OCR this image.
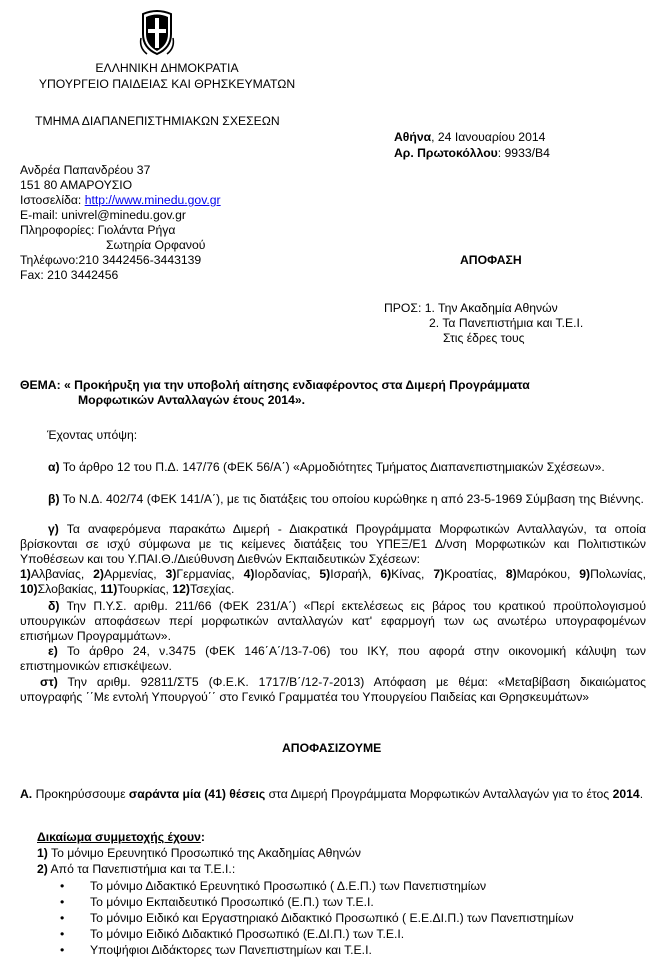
ΕΛΛΗΝΙΚΗ ΔΗΜΟΚΡΑΤΙΑ
ΥΠΟΥΡΓΕΙΟ ΠΑΙΔΕΙΑΣ ΚΑΙ ΘΡΗΣΚΕΥΜΑΤΩΝ
ΤΜΗΜΑ ΔΙΑΠΑΝΕΠΙΣΤΗΜΙΑΚΩΝ ΣΧΕΣΕΩΝ
Αθήνα, 24 Ιανουαρίου 2014
Αρ. Πρωτοκόλλου: 9933/Β4
Ανδρέα Παπανδρέου 37
151 80 ΑΜΑΡΟΥΣΙΟ
Ιστοσελίδα: http://www.minedu.gov.gr
E-mail: univrel@minedu.gov.gr
Πληροφορίες: Γιολάντα Ρήγα
Σωτηρία Ορφανού
Τηλέφωνο:210 3442456-3443139
Fax: 210 3442456
ΑΠΟΦΑΣΗ
ΠΡΟΣ: 1. Την Ακαδημία Αθηνών
2. Τα Πανεπιστήμια και Τ.Ε.Ι.
Στις έδρες τους
ΘΕΜΑ: « Προκήρυξη για την υποβολή αίτησης ενδιαφέροντος στα Διμερή Προγράμματα
Μορφωτικών Ανταλλαγών έτους 2014».
Έχοντας υπόψη:
α) Το άρθρο 12 του Π.Δ. 147/76 (ΦΕΚ 56/Α΄) «Αρμοδιότητες Τμήματος Διαπανεπιστημιακών Σχέσεων».
β) Το Ν.Δ. 402/74 (ΦΕΚ 141/Α΄), με τις διατάξεις του οποίου κυρώθηκε η από 23-5-1969 Σύμβαση της Βιέννης.
γ) Τα αναφερόμενα παρακάτω Διμερή - Διακρατικά Προγράμματα Μορφωτικών Ανταλλαγών, τα οποία βρίσκονται σε ισχύ σύμφωνα με τις κείμενες διατάξεις του ΥΠΕΞ/Ε1 Δ/νση Μορφωτικών και Πολιτιστικών Υποθέσεων και του Υ.ΠΑΙ.Θ./Διεύθυνση Διεθνών Εκπαιδευτικών Σχέσεων:
1)Αλβανίας, 2)Αρμενίας, 3)Γερμανίας, 4)Ιορδανίας, 5)Ισραήλ, 6)Κίνας, 7)Κροατίας, 8)Μαρόκου, 9)Πολωνίας, 10)Σλοβακίας, 11)Τουρκίας, 12)Τσεχίας.
δ) Την Π.Υ.Σ. αριθμ. 211/66 (ΦΕΚ 231/Α΄) «Περί εκτελέσεως εις βάρος του κρατικού προϋπολογισμού υπουργικών αποφάσεων περί μορφωτικών ανταλλαγών κατ' εφαρμογή των ως ανωτέρω υπογραφομένων επισήμων Προγραμμάτων».
ε) Το άρθρο 24, ν.3475 (ΦΕΚ 146΄Α΄/13-7-06) του ΙΚΥ, που αφορά στην οικονομική κάλυψη των επιστημονικών επισκέψεων.
στ) Την αριθμ. 92811/ΣΤ5 (Φ.Ε.Κ. 1717/Β΄/12-7-2013) Απόφαση με θέμα: «Μεταβίβαση δικαιώματος υπογραφής ΄΄Με εντολή Υπουργού΄΄ στο Γενικό Γραμματέα του Υπουργείου Παιδείας και Θρησκευμάτων»
ΑΠΟΦΑΣΙΖΟΥΜΕ
Α. Προκηρύσσουμε σαράντα μία (41) θέσεις στα Διμερή Προγράμματα Μορφωτικών Ανταλλαγών για το έτος 2014.
Δικαίωμα συμμετοχής έχουν:
1) Το μόνιμο Ερευνητικό Προσωπικό της Ακαδημίας Αθηνών
2) Από τα Πανεπιστήμια και τα Τ.Ε.Ι.:
• Το μόνιμο Διδακτικό Ερευνητικό Προσωπικό ( Δ.Ε.Π.) των Πανεπιστημίων
• Το μόνιμο Εκπαιδευτικό Προσωπικό (Ε.Π.) των Τ.Ε.Ι.
• Το μόνιμο Ειδικό και Εργαστηριακό Διδακτικό Προσωπικό ( Ε.Ε.ΔΙ.Π.) των Πανεπιστημίων
• Το μόνιμο Ειδικό Διδακτικό Προσωπικό (Ε.ΔΙ.Π.) των Τ.Ε.Ι.
• Υποψήφιοι Διδάκτορες των Πανεπιστημίων και Τ.Ε.Ι.
